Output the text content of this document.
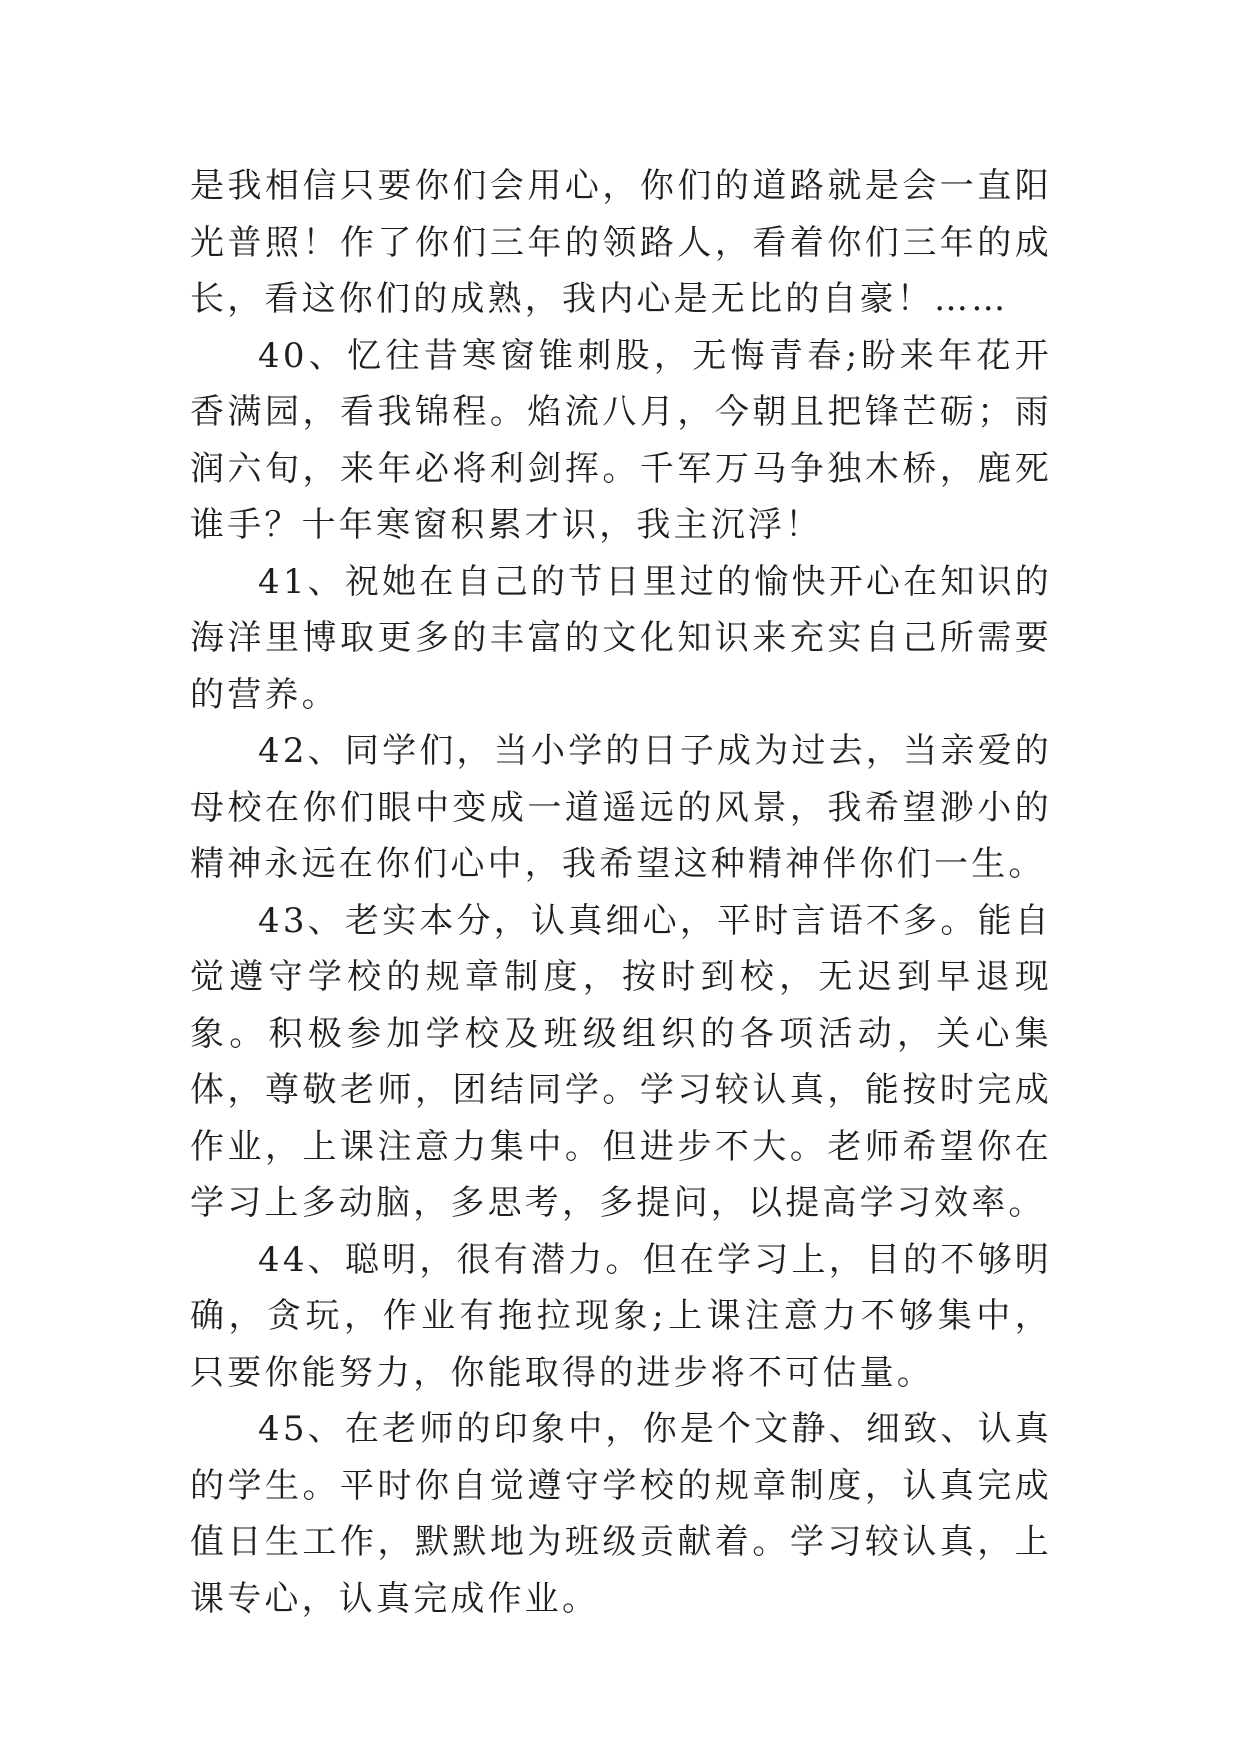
是我相信只要你们会用心，你们的道路就是会一直阳光普照！作了你们三年的领路人，看着你们三年的成长，看这你们的成熟，我内心是无比的自豪！……

40、忆往昔寒窗锥刺股，无悔青春;盼来年花开香满园，看我锦程。焰流八月，今朝且把锋芒砺；雨润六旬，来年必将利剑挥。千军万马争独木桥，鹿死谁手？十年寒窗积累才识，我主沉浮！

41、祝她在自己的节日里过的愉快开心在知识的海洋里博取更多的丰富的文化知识来充实自己所需要的营养。

42、同学们，当小学的日子成为过去，当亲爱的母校在你们眼中变成一道遥远的风景，我希望渺小的精神永远在你们心中，我希望这种精神伴你们一生。

43、老实本分，认真细心，平时言语不多。能自觉遵守学校的规章制度，按时到校，无迟到早退现象。积极参加学校及班级组织的各项活动，关心集体，尊敬老师，团结同学。学习较认真，能按时完成作业，上课注意力集中。但进步不大。老师希望你在学习上多动脑，多思考，多提问，以提高学习效率。

44、聪明，很有潜力。但在学习上，目的不够明确，贪玩，作业有拖拉现象;上课注意力不够集中，只要你能努力，你能取得的进步将不可估量。

45、在老师的印象中，你是个文静、细致、认真的学生。平时你自觉遵守学校的规章制度，认真完成值日生工作，默默地为班级贡献着。学习较认真，上课专心，认真完成作业。
